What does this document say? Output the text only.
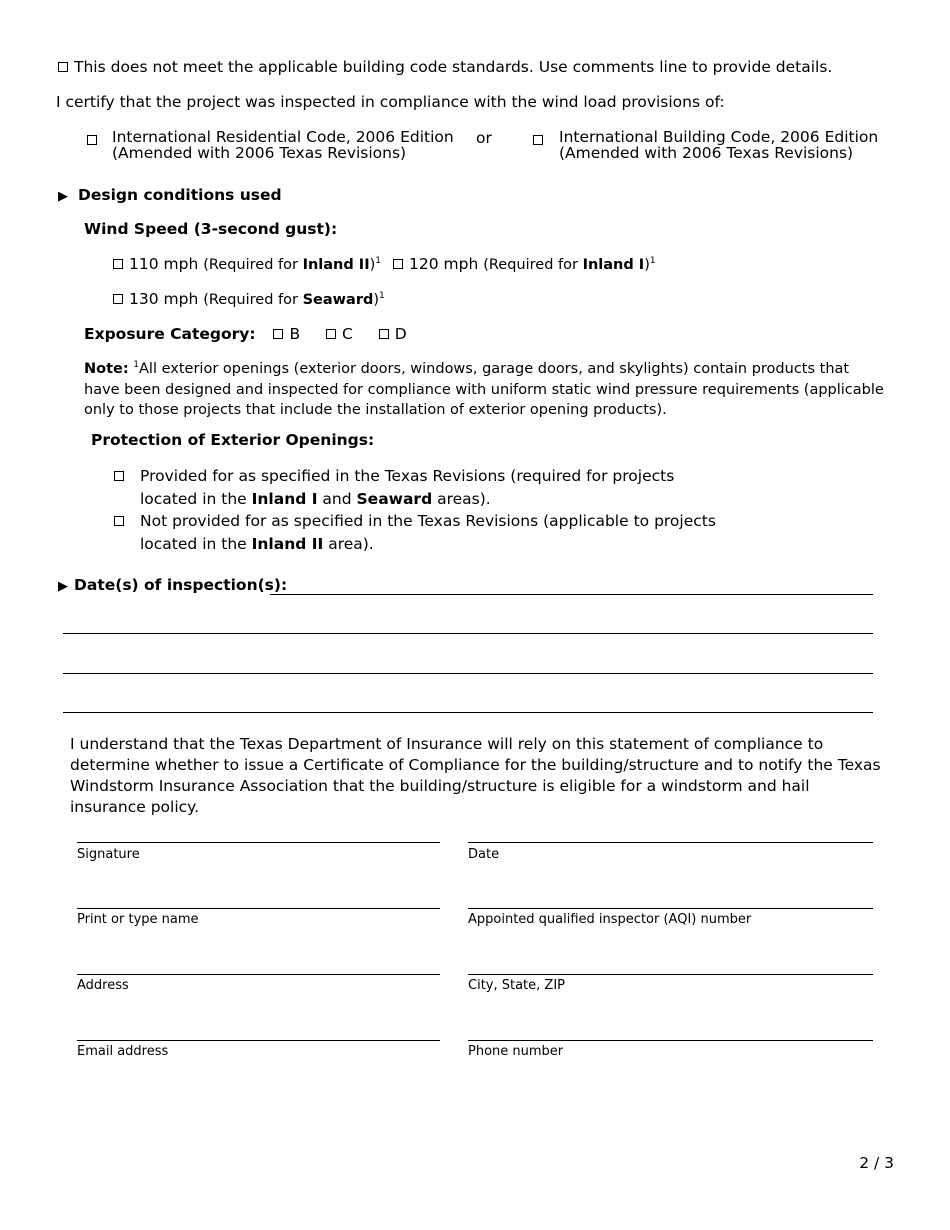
This does not meet the applicable building code standards. Use comments line to provide details.
I certify that the project was inspected in compliance with the wind load provisions of:
International Residential Code, 2006 Edition
(Amended with 2006 Texas Revisions)
or	International Building Code, 2006 Edition
(Amended with 2006 Texas Revisions)
▶ Design conditions used
Wind Speed (3-second gust):
110 mph (Required for Inland II)$^1$	120 mph (Required for Inland I)$^1$
130 mph (Required for Seaward)$^1$
Exposure Category: B	C	D
Note: $^1$All exterior openings (exterior doors, windows, garage doors, and skylights) contain products that have been designed and inspected for compliance with uniform static wind pressure requirements (applicable only to those projects that include the installation of exterior opening products).
Protection of Exterior Openings:
Provided for as specified in the Texas Revisions (required for projects
located in the Inland I and Seaward areas).
Not provided for as specified in the Texas Revisions (applicable to projects
located in the Inland II area).
▶ Date(s) of inspection(s):
I understand that the Texas Department of Insurance will rely on this statement of compliance to determine whether to issue a Certificate of Compliance for the building/structure and to notify the Texas Windstorm Insurance Association that the building/structure is eligible for a windstorm and hail insurance policy.
Signature	Date
Print or type name	Appointed qualified inspector (AQI) number
Address	City, State, ZIP
Email address	Phone number
2 / 3
